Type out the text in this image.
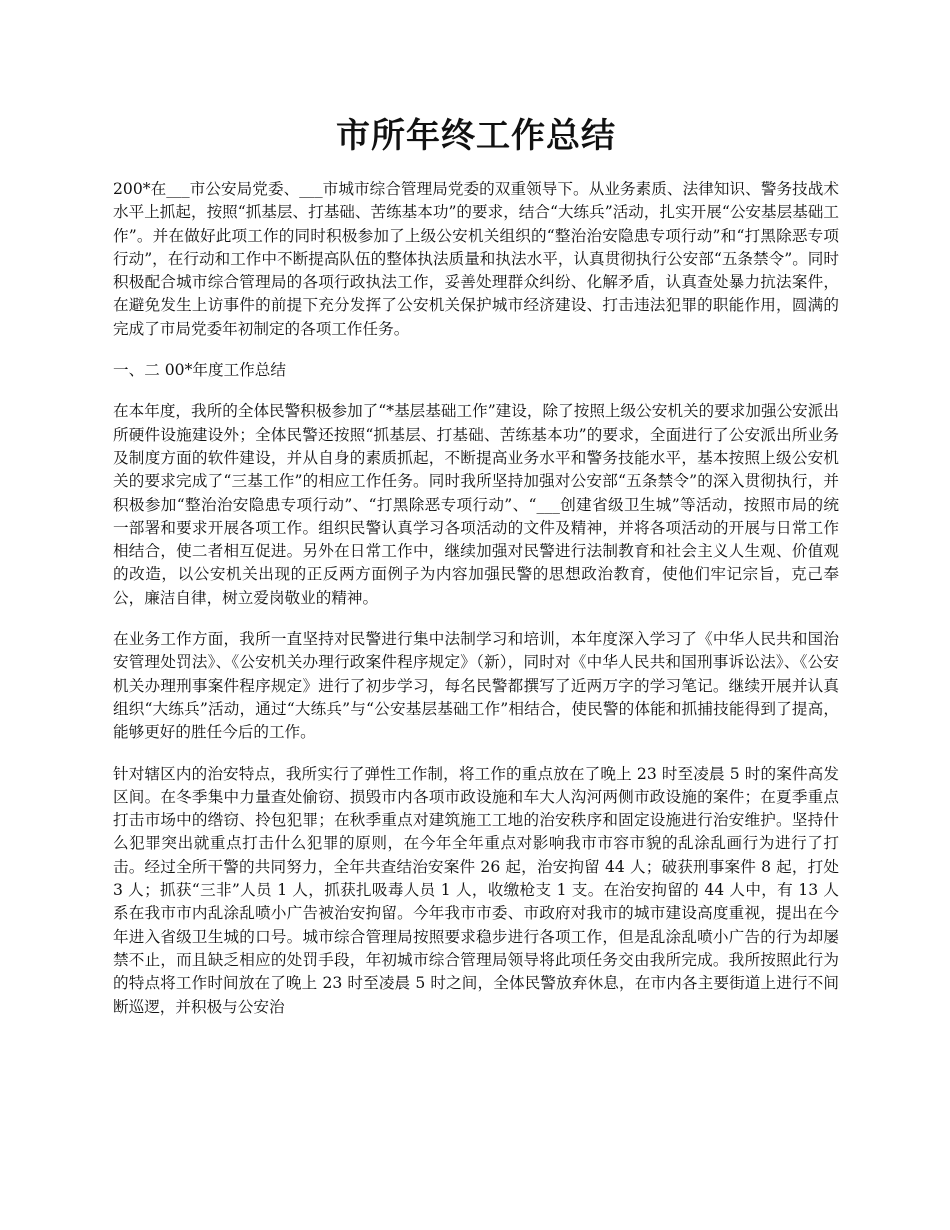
市所年终工作总结

200*在___市公安局党委、___市城市综合管理局党委的双重领导下。从业务素质、法律知识、警务技战术水平上抓起，按照“抓基层、打基础、苦练基本功”的要求，结合“大练兵”活动，扎实开展“公安基层基础工作”。并在做好此项工作的同时积极参加了上级公安机关组织的“整治治安隐患专项行动”和“打黑除恶专项行动”，在行动和工作中不断提高队伍的整体执法质量和执法水平，认真贯彻执行公安部“五条禁令”。同时积极配合城市综合管理局的各项行政执法工作，妥善处理群众纠纷、化解矛盾，认真查处暴力抗法案件，在避免发生上访事件的前提下充分发挥了公安机关保护城市经济建设、打击违法犯罪的职能作用，圆满的完成了市局党委年初制定的各项工作任务。

一、二 00*年度工作总结

在本年度，我所的全体民警积极参加了“*基层基础工作”建设，除了按照上级公安机关的要求加强公安派出所硬件设施建设外；全体民警还按照“抓基层、打基础、苦练基本功”的要求，全面进行了公安派出所业务及制度方面的软件建设，并从自身的素质抓起，不断提高业务水平和警务技能水平，基本按照上级公安机关的要求完成了“三基工作”的相应工作任务。同时我所坚持加强对公安部“五条禁令”的深入贯彻执行，并积极参加“整治治安隐患专项行动”、“打黑除恶专项行动”、“___创建省级卫生城”等活动，按照市局的统一部署和要求开展各项工作。组织民警认真学习各项活动的文件及精神，并将各项活动的开展与日常工作相结合，使二者相互促进。另外在日常工作中，继续加强对民警进行法制教育和社会主义人生观、价值观的改造，以公安机关出现的正反两方面例子为内容加强民警的思想政治教育，使他们牢记宗旨，克己奉公，廉洁自律，树立爱岗敬业的精神。

在业务工作方面，我所一直坚持对民警进行集中法制学习和培训，本年度深入学习了《中华人民共和国治安管理处罚法》、《公安机关办理行政案件程序规定》（新），同时对《中华人民共和国刑事诉讼法》、《公安机关办理刑事案件程序规定》进行了初步学习，每名民警都撰写了近两万字的学习笔记。继续开展并认真组织“大练兵”活动，通过“大练兵”与“公安基层基础工作”相结合，使民警的体能和抓捕技能得到了提高，能够更好的胜任今后的工作。

针对辖区内的治安特点，我所实行了弹性工作制，将工作的重点放在了晚上 23 时至凌晨 5 时的案件高发区间。在冬季集中力量查处偷窃、损毁市内各项市政设施和车大人沟河两侧市政设施的案件；在夏季重点打击市场中的绺窃、拎包犯罪；在秋季重点对建筑施工工地的治安秩序和固定设施进行治安维护。坚持什么犯罪突出就重点打击什么犯罪的原则，在今年全年重点对影响我市市容市貌的乱涂乱画行为进行了打击。经过全所干警的共同努力，全年共查结治安案件 26 起，治安拘留 44 人；破获刑事案件 8 起，打处 3 人；抓获“三非”人员 1 人，抓获扎吸毒人员 1 人，收缴枪支 1 支。在治安拘留的 44 人中，有 13 人系在我市市内乱涂乱喷小广告被治安拘留。今年我市市委、市政府对我市的城市建设高度重视，提出在今年进入省级卫生城的口号。城市综合管理局按照要求稳步进行各项工作，但是乱涂乱喷小广告的行为却屡禁不止，而且缺乏相应的处罚手段，年初城市综合管理局领导将此项任务交由我所完成。我所按照此行为的特点将工作时间放在了晚上 23 时至凌晨 5 时之间，全体民警放弃休息，在市内各主要街道上进行不间断巡逻，并积极与公安治
